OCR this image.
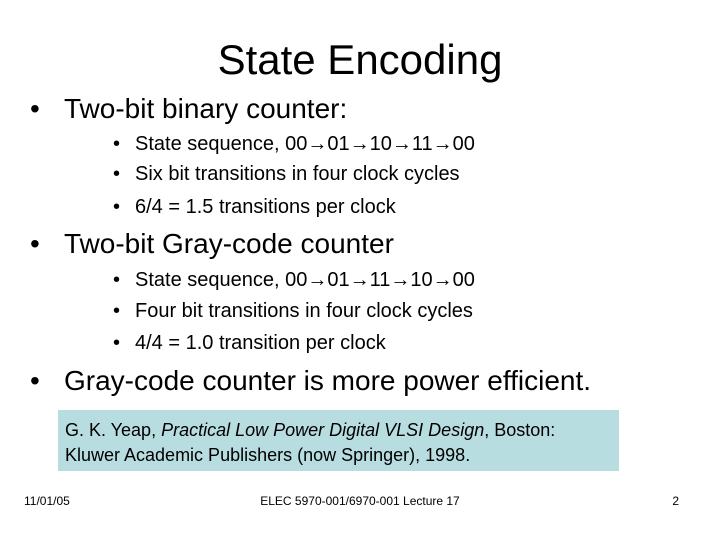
State Encoding
• Two-bit binary counter:
• State sequence, 00→01→10→11→00
• Six bit transitions in four clock cycles
• 6/4 = 1.5 transitions per clock
• Two-bit Gray-code counter
• State sequence, 00→01→11→10→00
• Four bit transitions in four clock cycles
• 4/4 = 1.0 transition per clock
• Gray-code counter is more power efficient.
G. K. Yeap, Practical Low Power Digital VLSI Design, Boston:
Kluwer Academic Publishers (now Springer), 1998.
11/01/05	ELEC 5970-001/6970-001 Lecture 17	2
